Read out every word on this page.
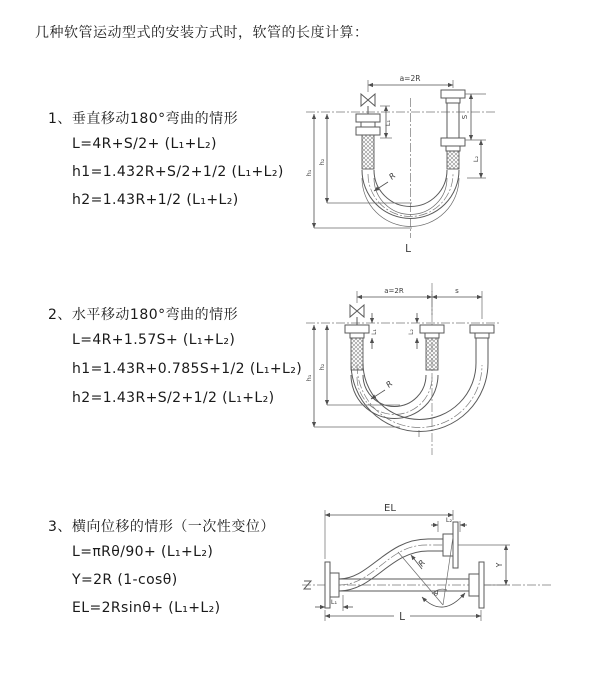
几种软管运动型式的安装方式时，软管的长度计算：
1、垂直移动180°弯曲的情形
L=4R+S/2+ (L₁+L₂)
h1=1.432R+S/2+1/2 (L₁+L₂)
h2=1.43R+1/2 (L₁+L₂)
2、水平移动180°弯曲的情形
L=4R+1.57S+ (L₁+L₂)
h1=1.43R+0.785S+1/2 (L₁+L₂)
h2=1.43R+S/2+1/2 (L₁+L₂)
3、横向位移的情形（一次性变位）
L=πRθ/90+ (L₁+L₂)
Y=2R (1-cosθ)
EL=2Rsinθ+ (L₁+L₂)
a=2R
S
L₂
L₁
h₁
h₂
R
L
a=2R	s
L₁	L₂
h₁
h₂
R
EL
L₂
Y
L
L₁
θ
R
